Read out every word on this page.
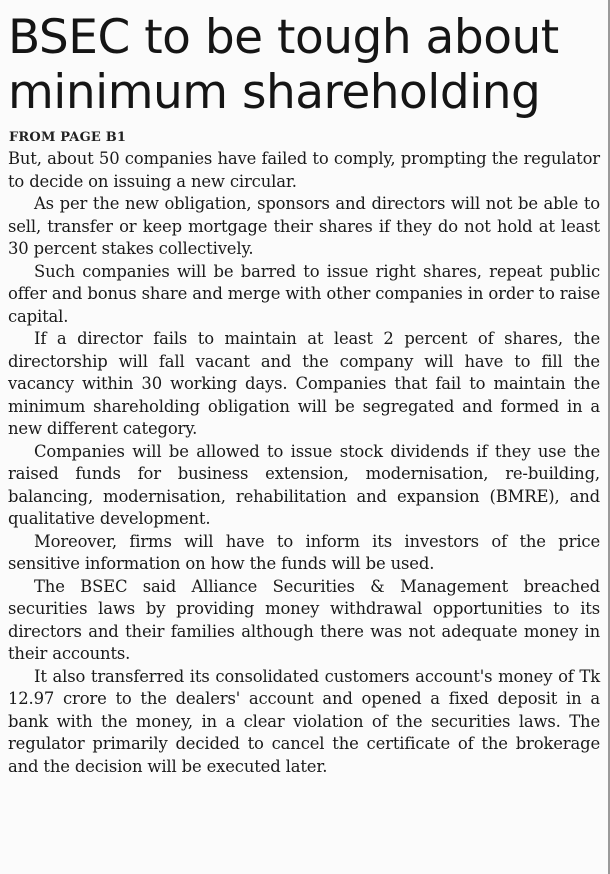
BSEC to be tough about minimum shareholding
FROM PAGE B1

But, about 50 companies have failed to comply, prompting the regulator to decide on issuing a new circular.

As per the new obligation, sponsors and directors will not be able to sell, transfer or keep mortgage their shares if they do not hold at least 30 percent stakes collectively.

Such companies will be barred to issue right shares, repeat public offer and bonus share and merge with other companies in order to raise capital.

If a director fails to maintain at least 2 percent of shares, the directorship will fall vacant and the company will have to fill the vacancy within 30 working days. Companies that fail to maintain the minimum shareholding obligation will be segregated and formed in a new different category.

Companies will be allowed to issue stock dividends if they use the raised funds for business extension, modernisation, re-building, balancing, modernisation, rehabilitation and expansion (BMRE), and qualitative development.

Moreover, firms will have to inform its investors of the price sensitive information on how the funds will be used.

The BSEC said Alliance Securities & Management breached securities laws by providing money withdrawal opportunities to its directors and their families although there was not adequate money in their accounts.

It also transferred its consolidated customers account's money of Tk 12.97 crore to the dealers' account and opened a fixed deposit in a bank with the money, in a clear violation of the securities laws. The regulator primarily decided to cancel the certificate of the brokerage and the decision will be executed later.
